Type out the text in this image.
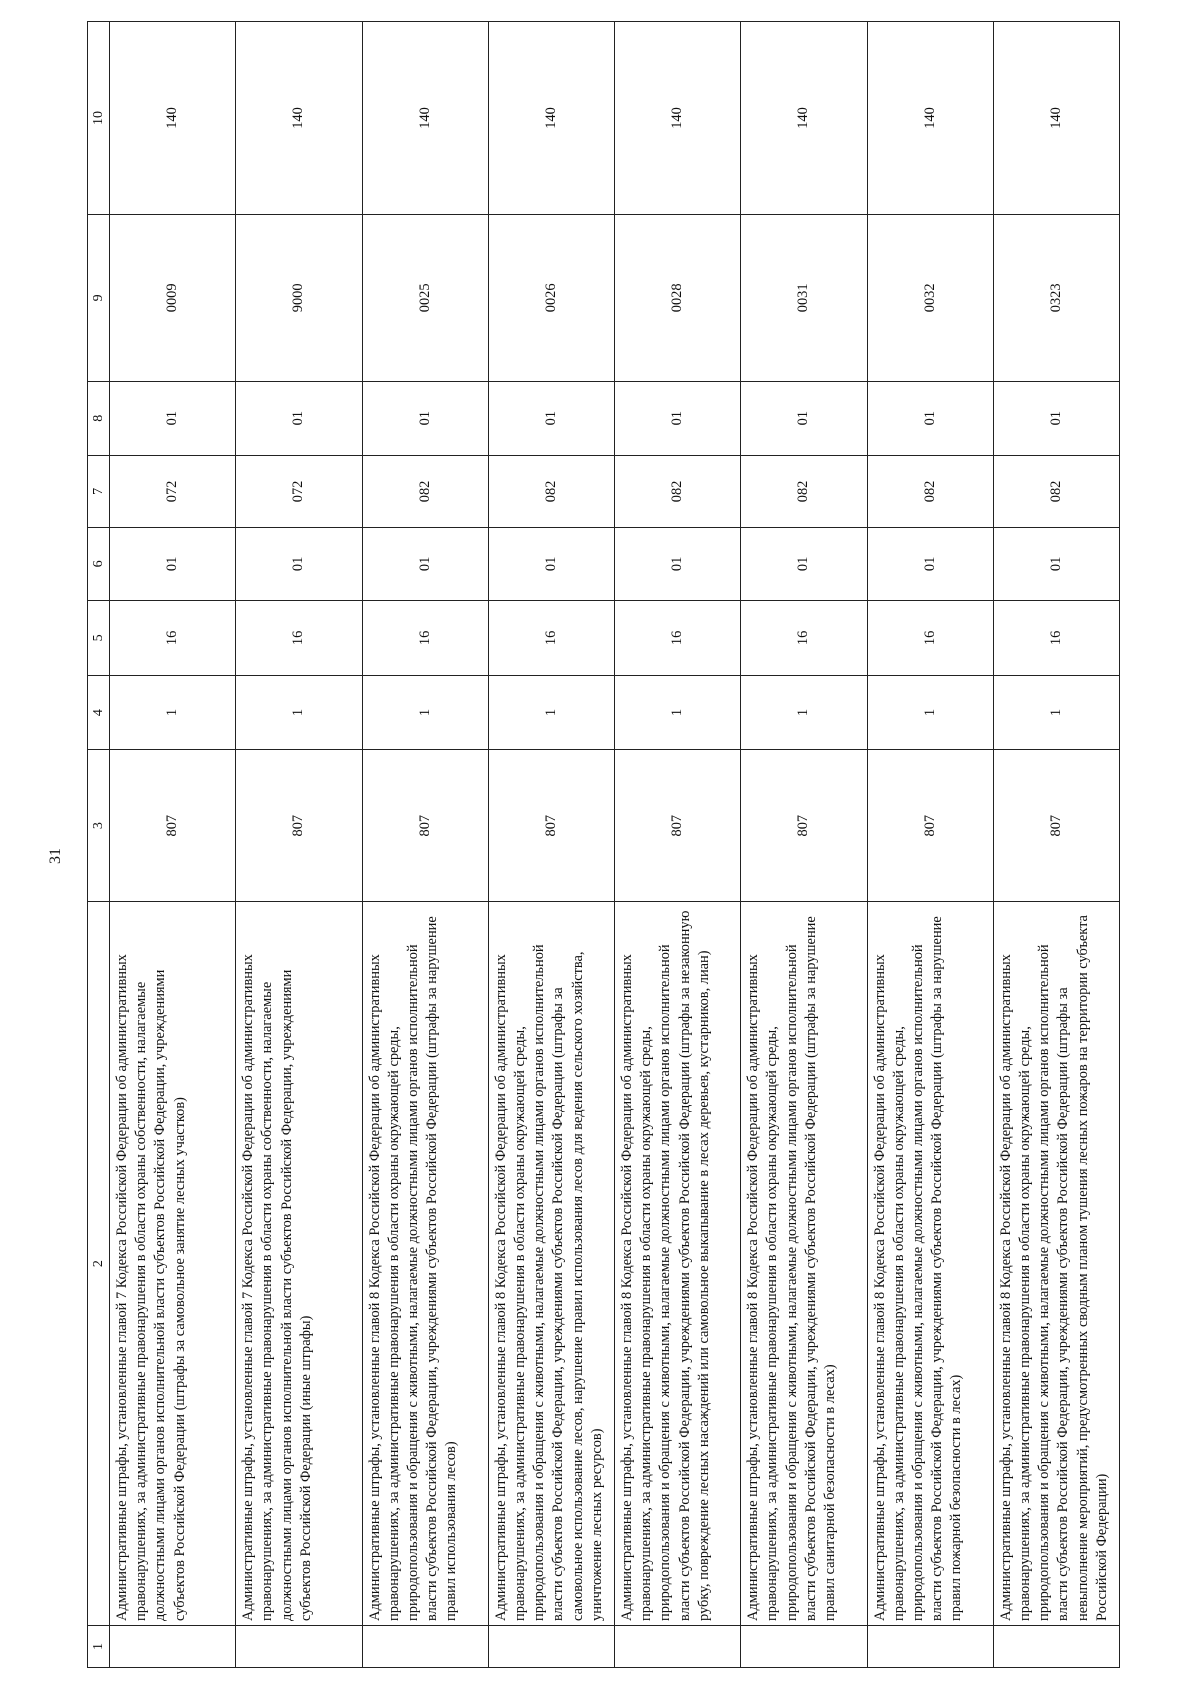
31
1	2	3	4	5	6	7	8	9	10
	Административные штрафы, установленные главой 7 Кодекса Российской Федерации об административных правонарушениях, за административные правонарушения в области охраны собственности, налагаемые должностными лицами органов исполнительной власти субъектов Российской Федерации, учреждениями субъектов Российской Федерации (штрафы за самовольное занятие лесных участков)	807	1	16	01	072	01	0009	140
	Административные штрафы, установленные главой 7 Кодекса Российской Федерации об административных правонарушениях, за административные правонарушения в области охраны собственности, налагаемые должностными лицами органов исполнительной власти субъектов Российской Федерации, учреждениями субъектов Российской Федерации (иные штрафы)	807	1	16	01	072	01	9000	140
	Административные штрафы, установленные главой 8 Кодекса Российской Федерации об административных правонарушениях, за административные правонарушения в области охраны окружающей среды, природопользования и обращения с животными, налагаемые должностными лицами органов исполнительной власти субъектов Российской Федерации, учреждениями субъектов Российской Федерации (штрафы за нарушение правил использования лесов)	807	1	16	01	082	01	0025	140
	Административные штрафы, установленные главой 8 Кодекса Российской Федерации об административных правонарушениях, за административные правонарушения в области охраны окружающей среды, природопользования и обращения с животными, налагаемые должностными лицами органов исполнительной власти субъектов Российской Федерации, учреждениями субъектов Российской Федерации (штрафы за самовольное использование лесов, нарушение правил использования лесов для ведения сельского хозяйства, уничтожение лесных ресурсов)	807	1	16	01	082	01	0026	140
	Административные штрафы, установленные главой 8 Кодекса Российской Федерации об административных правонарушениях, за административные правонарушения в области охраны окружающей среды, природопользования и обращения с животными, налагаемые должностными лицами органов исполнительной власти субъектов Российской Федерации, учреждениями субъектов Российской Федерации (штрафы за незаконную рубку, повреждение лесных насаждений или самовольное выкапывание в лесах деревьев, кустарников, лиан)	807	1	16	01	082	01	0028	140
	Административные штрафы, установленные главой 8 Кодекса Российской Федерации об административных правонарушениях, за административные правонарушения в области охраны окружающей среды, природопользования и обращения с животными, налагаемые должностными лицами органов исполнительной власти субъектов Российской Федерации, учреждениями субъектов Российской Федерации (штрафы за нарушение правил санитарной безопасности в лесах)	807	1	16	01	082	01	0031	140
	Административные штрафы, установленные главой 8 Кодекса Российской Федерации об административных правонарушениях, за административные правонарушения в области охраны окружающей среды, природопользования и обращения с животными, налагаемые должностными лицами органов исполнительной власти субъектов Российской Федерации, учреждениями субъектов Российской Федерации (штрафы за нарушение правил пожарной безопасности в лесах)	807	1	16	01	082	01	0032	140
	Административные штрафы, установленные главой 8 Кодекса Российской Федерации об административных правонарушениях, за административные правонарушения в области охраны окружающей среды, природопользования и обращения с животными, налагаемые должностными лицами органов исполнительной власти субъектов Российской Федерации, учреждениями субъектов Российской Федерации (штрафы за невыполнение мероприятий, предусмотренных сводным планом тушения лесных пожаров на территории субъекта Российской Федерации)	807	1	16	01	082	01	0323	140
